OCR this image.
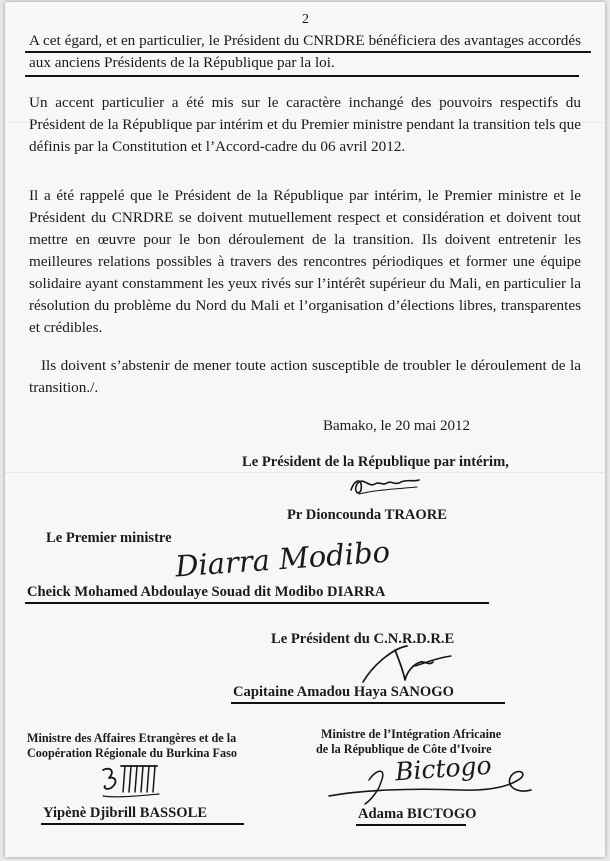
2

A cet égard, et en particulier, le Président du CNRDRE bénéficiera des avantages accordés aux anciens Présidents de la République par la loi.

Un accent particulier a été mis sur le caractère inchangé des pouvoirs respectifs du Président de la République par intérim et du Premier ministre pendant la transition tels que définis par la Constitution et l’Accord-cadre du 06 avril 2012.

Il a été rappelé que le Président de la République par intérim, le Premier ministre et le Président du CNRDRE se doivent mutuellement respect et considération et doivent tout mettre en œuvre pour le bon déroulement de la transition. Ils doivent entretenir les meilleures relations possibles à travers des rencontres périodiques et former une équipe solidaire ayant constamment les yeux rivés sur l’intérêt supérieur du Mali, en particulier la résolution du problème du Nord du Mali et l’organisation d’élections libres, transparentes et crédibles.

Ils doivent s’abstenir de mener toute action susceptible de troubler le déroulement de la transition./.

Bamako, le 20 mai 2012
Le Président de la République par intérim,
Pr Dioncounda TRAORE
Le Premier ministre Diarra Modibo
Cheick Mohamed Abdoulaye Souad dit Modibo DIARRA
Le Président du C.N.R.D.R.E
Capitaine Amadou Haya SANOGO
Ministre des Affaires Etrangères et de la
Coopération Régionale du Burkina Faso
Yipènè Djibrill BASSOLE
Ministre de l’Intégration Africaine
de la République de Côte d’Ivoire
Bictogo
Adama BICTOGO
